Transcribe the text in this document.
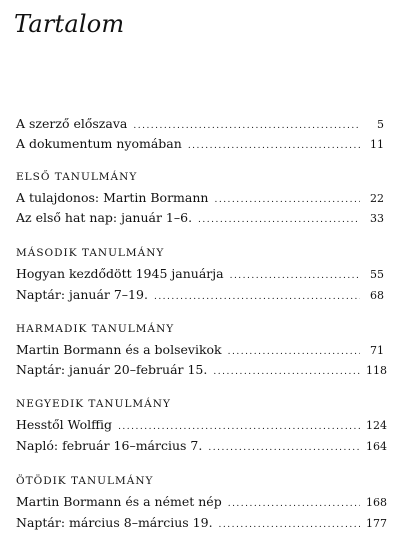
Tartalom
A szerző előszava .....	5
A dokumentum nyomában .....	11
ELSŐ TANULMÁNY
A tulajdonos: Martin Bormann .....	22
Az első hat nap: január 1–6. .....	33
MÁSODIK TANULMÁNY
Hogyan kezdődött 1945 januárja .....	55
Naptár: január 7–19. .....	68
HARMADIK TANULMÁNY
Martin Bormann és a bolsevikok .....	71
Naptár: január 20–február 15. .....	118
NEGYEDIK TANULMÁNY
Hesstől Wolffig .....	124
Napló: február 16–március 7. .....	164
ÖTÖDIK TANULMÁNY
Martin Bormann és a német nép .....	168
Naptár: március 8–március 19. .....	177
